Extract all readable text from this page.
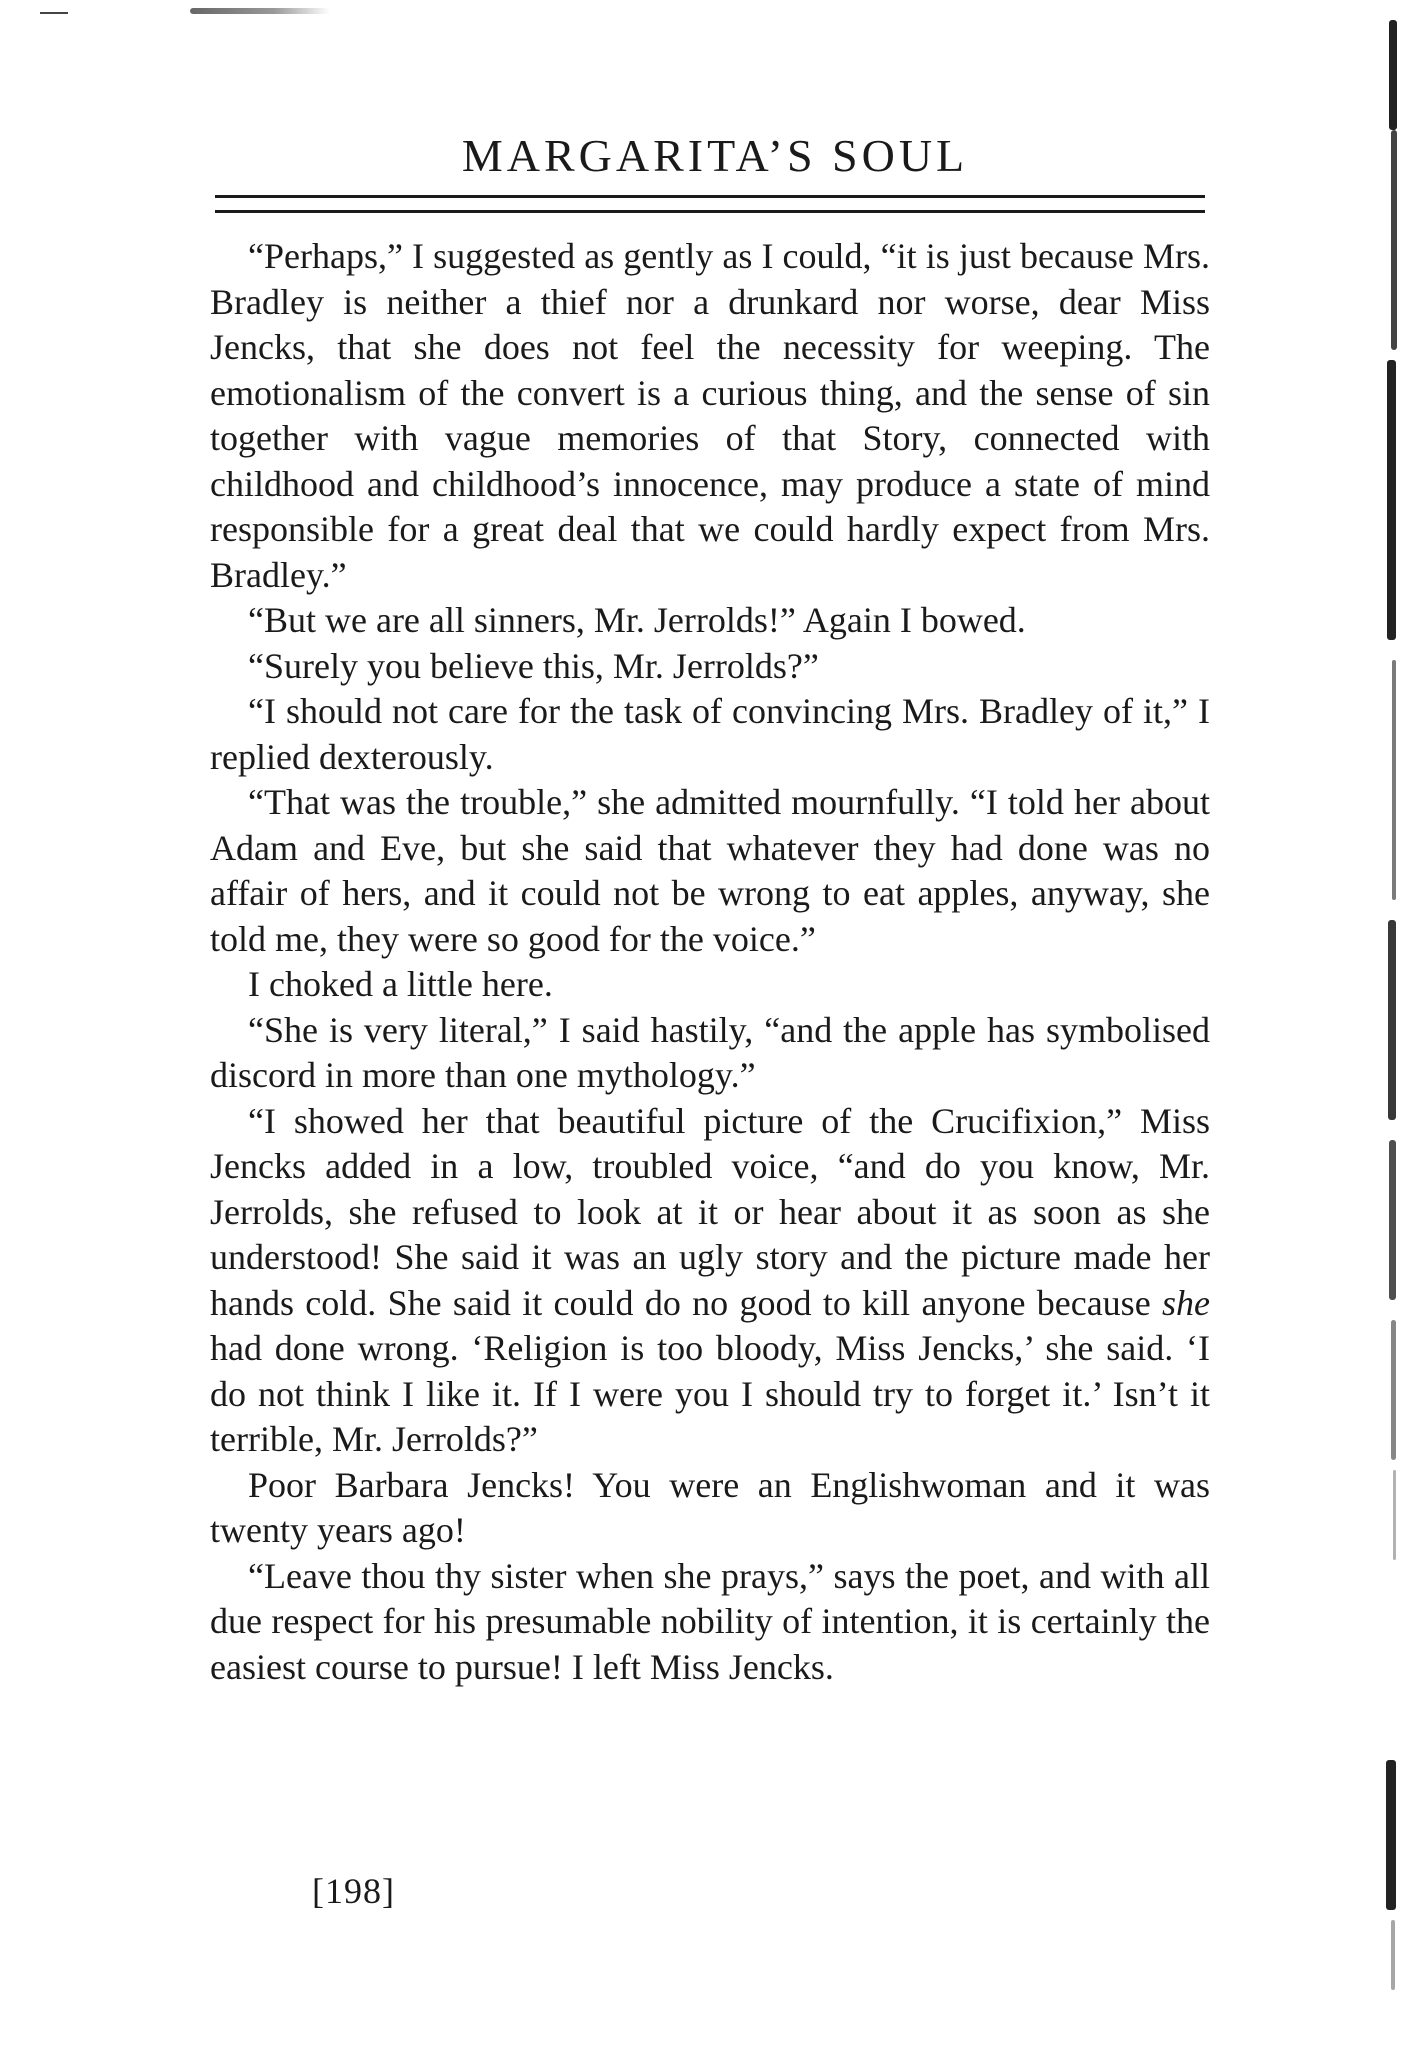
MARGARITA’S SOUL

“Perhaps,” I suggested as gently as I could, “it is just because Mrs. Bradley is neither a thief nor a drunkard nor worse, dear Miss Jencks, that she does not feel the necessity for weeping. The emotionalism of the convert is a curious thing, and the sense of sin together with vague memories of that Story, connected with childhood and childhood’s innocence, may produce a state of mind responsible for a great deal that we could hardly expect from Mrs. Bradley.”

“But we are all sinners, Mr. Jerrolds!” Again I bowed.

“Surely you believe this, Mr. Jerrolds?”

“I should not care for the task of convincing Mrs. Bradley of it,” I replied dexterously.

“That was the trouble,” she admitted mournfully. “I told her about Adam and Eve, but she said that whatever they had done was no affair of hers, and it could not be wrong to eat apples, anyway, she told me, they were so good for the voice.”

I choked a little here.

“She is very literal,” I said hastily, “and the apple has symbolised discord in more than one mythology.”

“I showed her that beautiful picture of the Crucifixion,” Miss Jencks added in a low, troubled voice, “and do you know, Mr. Jerrolds, she refused to look at it or hear about it as soon as she understood! She said it was an ugly story and the picture made her hands cold. She said it could do no good to kill anyone because she had done wrong. ‘Religion is too bloody, Miss Jencks,’ she said. ‘I do not think I like it. If I were you I should try to forget it.’ Isn’t it terrible, Mr. Jerrolds?”

Poor Barbara Jencks! You were an Englishwoman and it was twenty years ago!

“Leave thou thy sister when she prays,” says the poet, and with all due respect for his presumable nobility of intention, it is certainly the easiest course to pursue! I left Miss Jencks.

[198]
